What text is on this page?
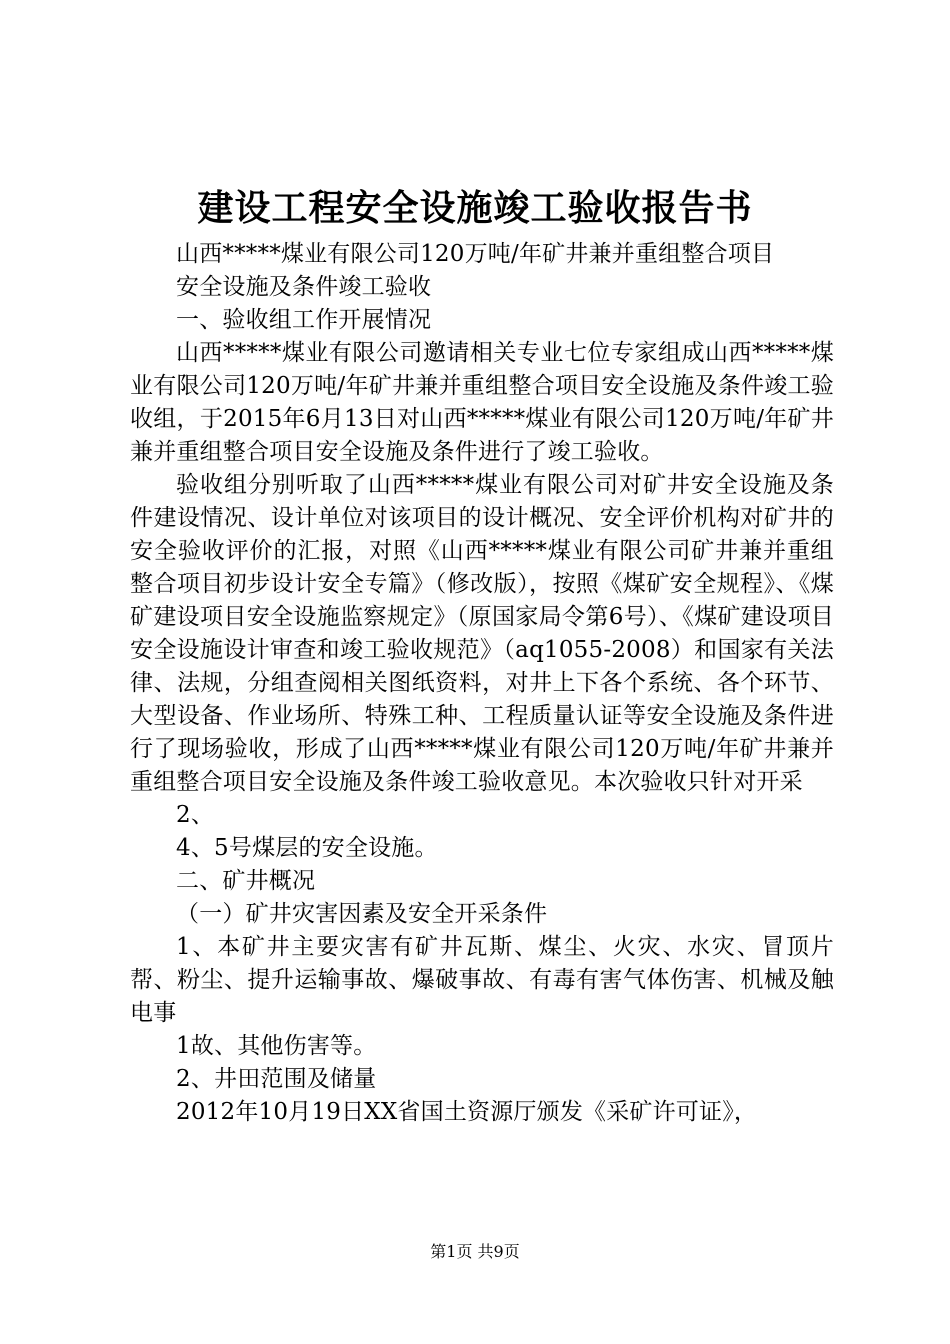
建设工程安全设施竣工验收报告书

山西*****煤业有限公司120万吨/年矿井兼并重组整合项目

安全设施及条件竣工验收

一、验收组工作开展情况

山西*****煤业有限公司邀请相关专业七位专家组成山西*****煤业有限公司120万吨/年矿井兼并重组整合项目安全设施及条件竣工验收组，于2015年6月13日对山西*****煤业有限公司120万吨/年矿井兼并重组整合项目安全设施及条件进行了竣工验收。

验收组分别听取了山西*****煤业有限公司对矿井安全设施及条件建设情况、设计单位对该项目的设计概况、安全评价机构对矿井的安全验收评价的汇报，对照《山西*****煤业有限公司矿井兼并重组整合项目初步设计安全专篇》（修改版），按照《煤矿安全规程》、《煤矿建设项目安全设施监察规定》（原国家局令第6号）、《煤矿建设项目安全设施设计审查和竣工验收规范》（aq1055-2008）和国家有关法律、法规，分组查阅相关图纸资料，对井上下各个系统、各个环节、大型设备、作业场所、特殊工种、工程质量认证等安全设施及条件进行了现场验收，形成了山西*****煤业有限公司120万吨/年矿井兼并重组整合项目安全设施及条件竣工验收意见。本次验收只针对开采

2、

4、5号煤层的安全设施。

二、矿井概况

（一）矿井灾害因素及安全开采条件

1、本矿井主要灾害有矿井瓦斯、煤尘、火灾、水灾、冒顶片帮、粉尘、提升运输事故、爆破事故、有毒有害气体伤害、机械及触电事

1故、其他伤害等。

2、井田范围及储量

2012年10月19日XX省国土资源厅颁发《采矿许可证》，

第1页 共9页
